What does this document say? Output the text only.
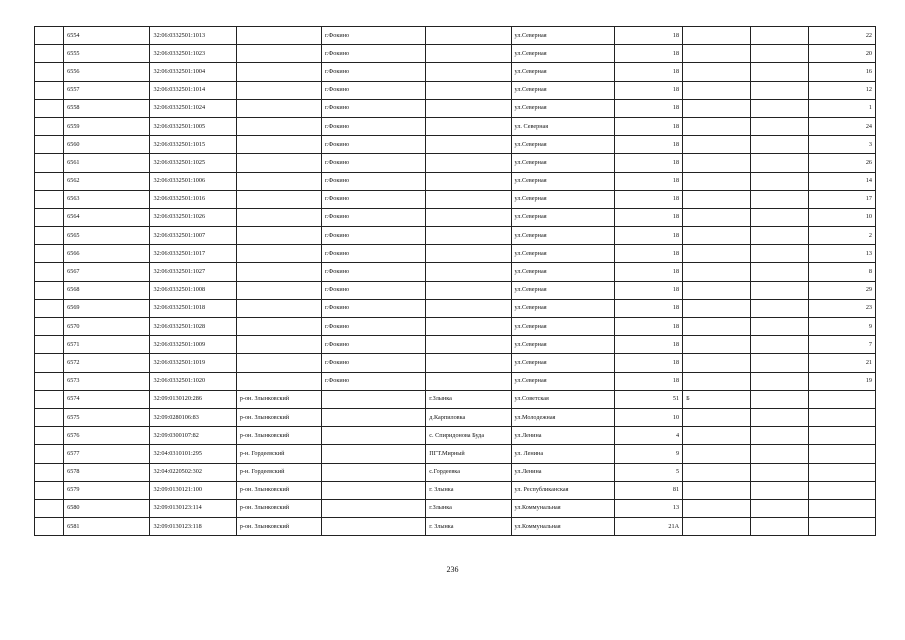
	6554	32:06:0332501:1013		г.Фокино		ул.Северная	18			22
	6555	32:06:0332501:1023		г.Фокино		ул.Северная	18			20
	6556	32:06:0332501:1004		г.Фокино		ул.Северная	18			16
	6557	32:06:0332501:1014		г.Фокино		ул.Северная	18			12
	6558	32:06:0332501:1024		г.Фокино		ул.Северная	18			1
	6559	32:06:0332501:1005		г.Фокино		ул. Северная	18			24
	6560	32:06:0332501:1015		г.Фокино		ул.Северная	18			3
	6561	32:06:0332501:1025		г.Фокино		ул.Северная	18			26
	6562	32:06:0332501:1006		г.Фокино		ул.Северная	18			14
	6563	32:06:0332501:1016		г.Фокино		ул.Северная	18			17
	6564	32:06:0332501:1026		г.Фокино		ул.Северная	18			10
	6565	32:06:0332501:1007		г.Фокино		ул.Северная	18			2
	6566	32:06:0332501:1017		г.Фокино		ул.Северная	18			13
	6567	32:06:0332501:1027		г.Фокино		ул.Северная	18			8
	6568	32:06:0332501:1008		г.Фокино		ул.Северная	18			29
	6569	32:06:0332501:1018		г.Фокино		ул.Северная	18			23
	6570	32:06:0332501:1028		г.Фокино		ул.Северная	18			9
	6571	32:06:0332501:1009		г.Фокино		ул.Северная	18			7
	6572	32:06:0332501:1019		г.Фокино		ул.Северная	18			21
	6573	32:06:0332501:1020		г.Фокино		ул.Северная	18			19
	6574	32:09:0130120:286	р-он. Злынковский		г.Злынка	ул.Советская	51	Б		
	6575	32:09:0280106:83	р-он. Злынковский		д.Карпиловка	ул.Молодежная	10			
	6576	32:09:0300107:82	р-он. Злынковский		с. Спиридонова Буда	ул.Ленина	4			
	6577	32:04:0310101:295	р-н. Гордеевский		ПГТ.Мирный	ул. Ленина	9			
	6578	32:04:0220502:302	р-н. Гордеевский		с.Гордеевка	ул.Ленина	5			
	6579	32:09:0130121:100	р-он. Злынковский		г. Злынка	ул. Республиканская	81			
	6580	32:09:0130123:114	р-он. Злынковский		г.Злынка	ул.Коммунальная	13			
	6581	32:09:0130123:118	р-он. Злынковский		г. Злынка	ул.Коммунальная	21А			
236
